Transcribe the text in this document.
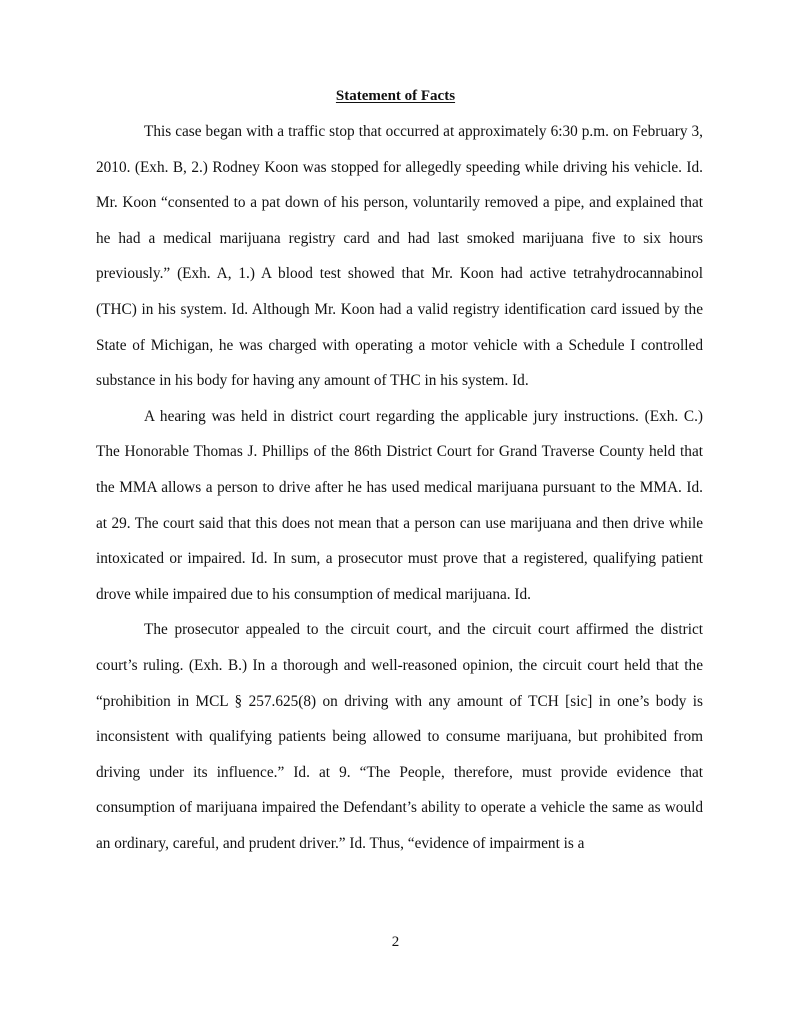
Statement of Facts

This case began with a traffic stop that occurred at approximately 6:30 p.m. on February 3, 2010. (Exh. B, 2.) Rodney Koon was stopped for allegedly speeding while driving his vehicle. Id. Mr. Koon “consented to a pat down of his person, voluntarily removed a pipe, and explained that he had a medical marijuana registry card and had last smoked marijuana five to six hours previously.” (Exh. A, 1.) A blood test showed that Mr. Koon had active tetrahydrocannabinol (THC) in his system. Id. Although Mr. Koon had a valid registry identification card issued by the State of Michigan, he was charged with operating a motor vehicle with a Schedule I controlled substance in his body for having any amount of THC in his system. Id.

A hearing was held in district court regarding the applicable jury instructions. (Exh. C.) The Honorable Thomas J. Phillips of the 86th District Court for Grand Traverse County held that the MMA allows a person to drive after he has used medical marijuana pursuant to the MMA. Id. at 29. The court said that this does not mean that a person can use marijuana and then drive while intoxicated or impaired. Id. In sum, a prosecutor must prove that a registered, qualifying patient drove while impaired due to his consumption of medical marijuana. Id.

The prosecutor appealed to the circuit court, and the circuit court affirmed the district court’s ruling. (Exh. B.) In a thorough and well-reasoned opinion, the circuit court held that the “prohibition in MCL § 257.625(8) on driving with any amount of TCH [sic] in one’s body is inconsistent with qualifying patients being allowed to consume marijuana, but prohibited from driving under its influence.” Id. at 9. “The People, therefore, must provide evidence that consumption of marijuana impaired the Defendant’s ability to operate a vehicle the same as would an ordinary, careful, and prudent driver.” Id. Thus, “evidence of impairment is a

2
